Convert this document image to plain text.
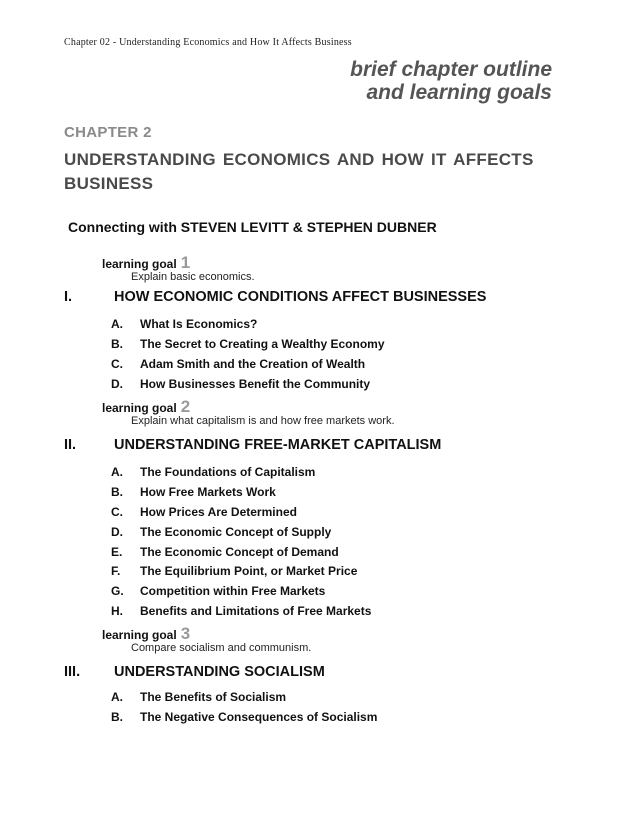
Chapter 02 - Understanding Economics and How It Affects Business
brief chapter outline
and learning goals
CHAPTER 2
UNDERSTANDING ECONOMICS AND HOW IT AFFECTS BUSINESS
Connecting with STEVEN LEVITT & STEPHEN DUBNER
learning goal 1
Explain basic economics.
I.	HOW ECONOMIC CONDITIONS AFFECT BUSINESSES
A. What Is Economics?
B. The Secret to Creating a Wealthy Economy
C. Adam Smith and the Creation of Wealth
D. How Businesses Benefit the Community
learning goal 2
Explain what capitalism is and how free markets work.
II.	UNDERSTANDING FREE-MARKET CAPITALISM
A. The Foundations of Capitalism
B. How Free Markets Work
C. How Prices Are Determined
D. The Economic Concept of Supply
E. The Economic Concept of Demand
F. The Equilibrium Point, or Market Price
G. Competition within Free Markets
H. Benefits and Limitations of Free Markets
learning goal 3
Compare socialism and communism.
III. UNDERSTANDING SOCIALISM
A. The Benefits of Socialism
B. The Negative Consequences of Socialism
